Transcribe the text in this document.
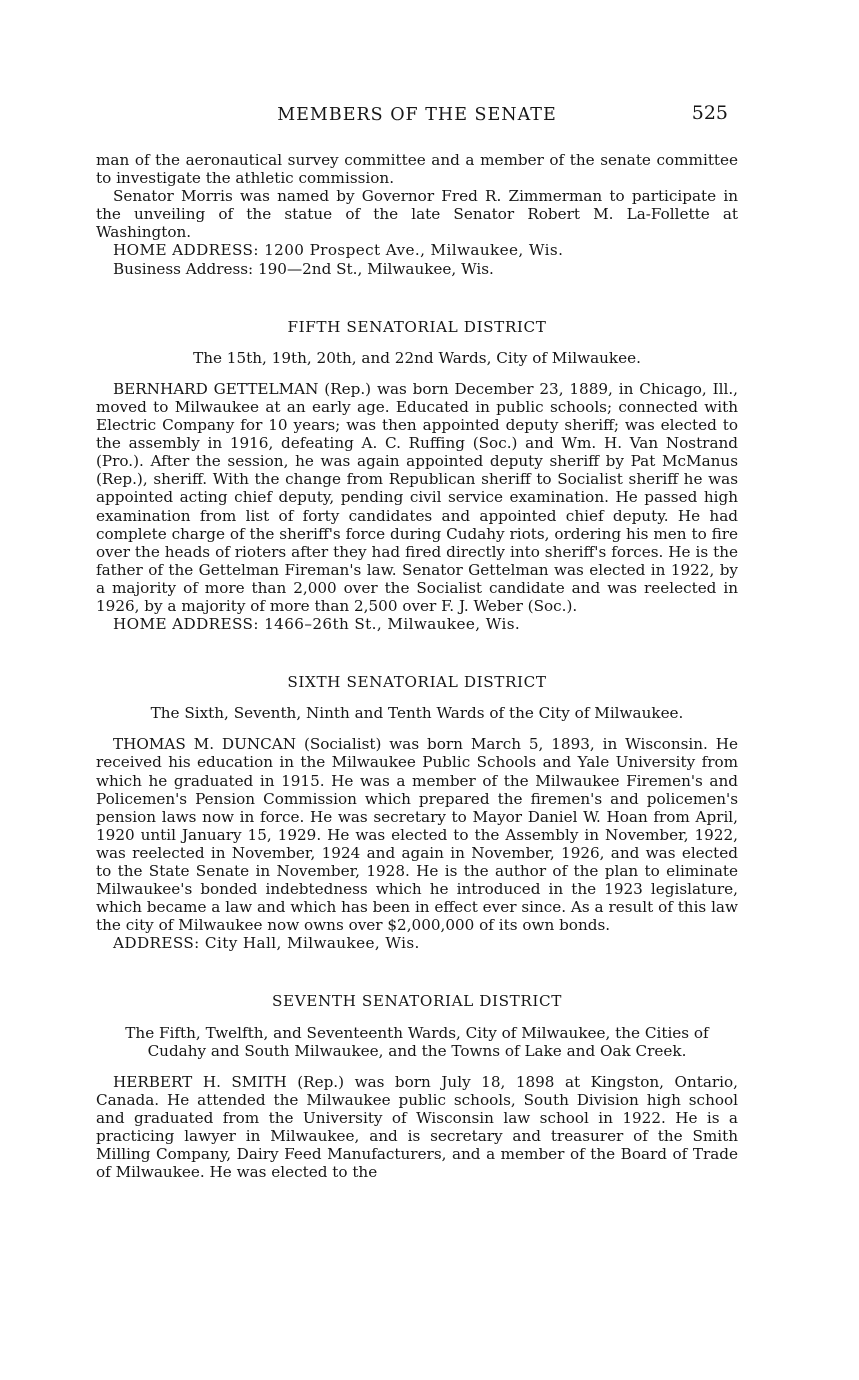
MEMBERS OF THE SENATE	525

man of the aeronautical survey committee and a member of the senate committee to investigate the athletic commission.

Senator Morris was named by Governor Fred R. Zimmerman to participate in the unveiling of the statue of the late Senator Robert M. La-Follette at Washington.

HOME ADDRESS: 1200 Prospect Ave., Milwaukee, Wis.

Business Address: 190—2nd St., Milwaukee, Wis.

FIFTH SENATORIAL DISTRICT
The 15th, 19th, 20th, and 22nd Wards, City of Milwaukee.

BERNHARD GETTELMAN (Rep.) was born December 23, 1889, in Chicago, Ill., moved to Milwaukee at an early age. Educated in public schools; connected with Electric Company for 10 years; was then appointed deputy sheriff; was elected to the assembly in 1916, defeating A. C. Ruffing (Soc.) and Wm. H. Van Nostrand (Pro.). After the session, he was again appointed deputy sheriff by Pat McManus (Rep.), sheriff. With the change from Republican sheriff to Socialist sheriff he was appointed acting chief deputy, pending civil service examination. He passed high examination from list of forty candidates and appointed chief deputy. He had complete charge of the sheriff's force during Cudahy riots, ordering his men to fire over the heads of rioters after they had fired directly into sheriff's forces. He is the father of the Gettelman Fireman's law. Senator Gettelman was elected in 1922, by a majority of more than 2,000 over the Socialist candidate and was reelected in 1926, by a majority of more than 2,500 over F. J. Weber (Soc.).

HOME ADDRESS: 1466–26th St., Milwaukee, Wis.

SIXTH SENATORIAL DISTRICT
The Sixth, Seventh, Ninth and Tenth Wards of the City of Milwaukee.

THOMAS M. DUNCAN (Socialist) was born March 5, 1893, in Wisconsin. He received his education in the Milwaukee Public Schools and Yale University from which he graduated in 1915. He was a member of the Milwaukee Firemen's and Policemen's Pension Commission which prepared the firemen's and policemen's pension laws now in force. He was secretary to Mayor Daniel W. Hoan from April, 1920 until January 15, 1929. He was elected to the Assembly in November, 1922, was reelected in November, 1924 and again in November, 1926, and was elected to the State Senate in November, 1928. He is the author of the plan to eliminate Milwaukee's bonded indebtedness which he introduced in the 1923 legislature, which became a law and which has been in effect ever since. As a result of this law the city of Milwaukee now owns over $2,000,000 of its own bonds.

ADDRESS: City Hall, Milwaukee, Wis.

SEVENTH SENATORIAL DISTRICT
The Fifth, Twelfth, and Seventeenth Wards, City of Milwaukee, the Cities of Cudahy and South Milwaukee, and the Towns of Lake and Oak Creek.

HERBERT H. SMITH (Rep.) was born July 18, 1898 at Kingston, Ontario, Canada. He attended the Milwaukee public schools, South Division high school and graduated from the University of Wisconsin law school in 1922. He is a practicing lawyer in Milwaukee, and is secretary and treasurer of the Smith Milling Company, Dairy Feed Manufacturers, and a member of the Board of Trade of Milwaukee. He was elected to the
